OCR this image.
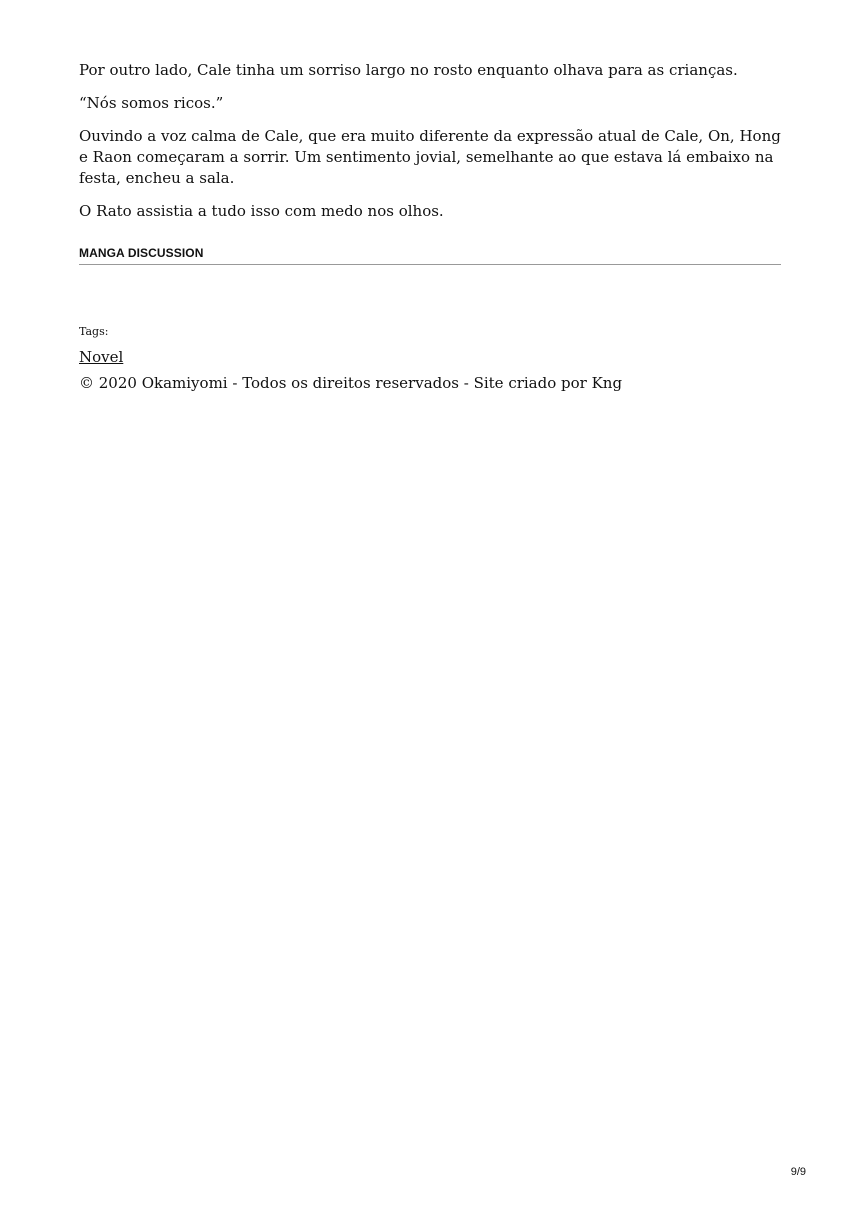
Por outro lado, Cale tinha um sorriso largo no rosto enquanto olhava para as crianças.

“Nós somos ricos.”

Ouvindo a voz calma de Cale, que era muito diferente da expressão atual de Cale, On, Hong e Raon começaram a sorrir. Um sentimento jovial, semelhante ao que estava lá embaixo na festa, encheu a sala.

O Rato assistia a tudo isso com medo nos olhos.

MANGA DISCUSSION
Tags:
Novel
© 2020 Okamiyomi - Todos os direitos reservados - Site criado por Kng
9/9
